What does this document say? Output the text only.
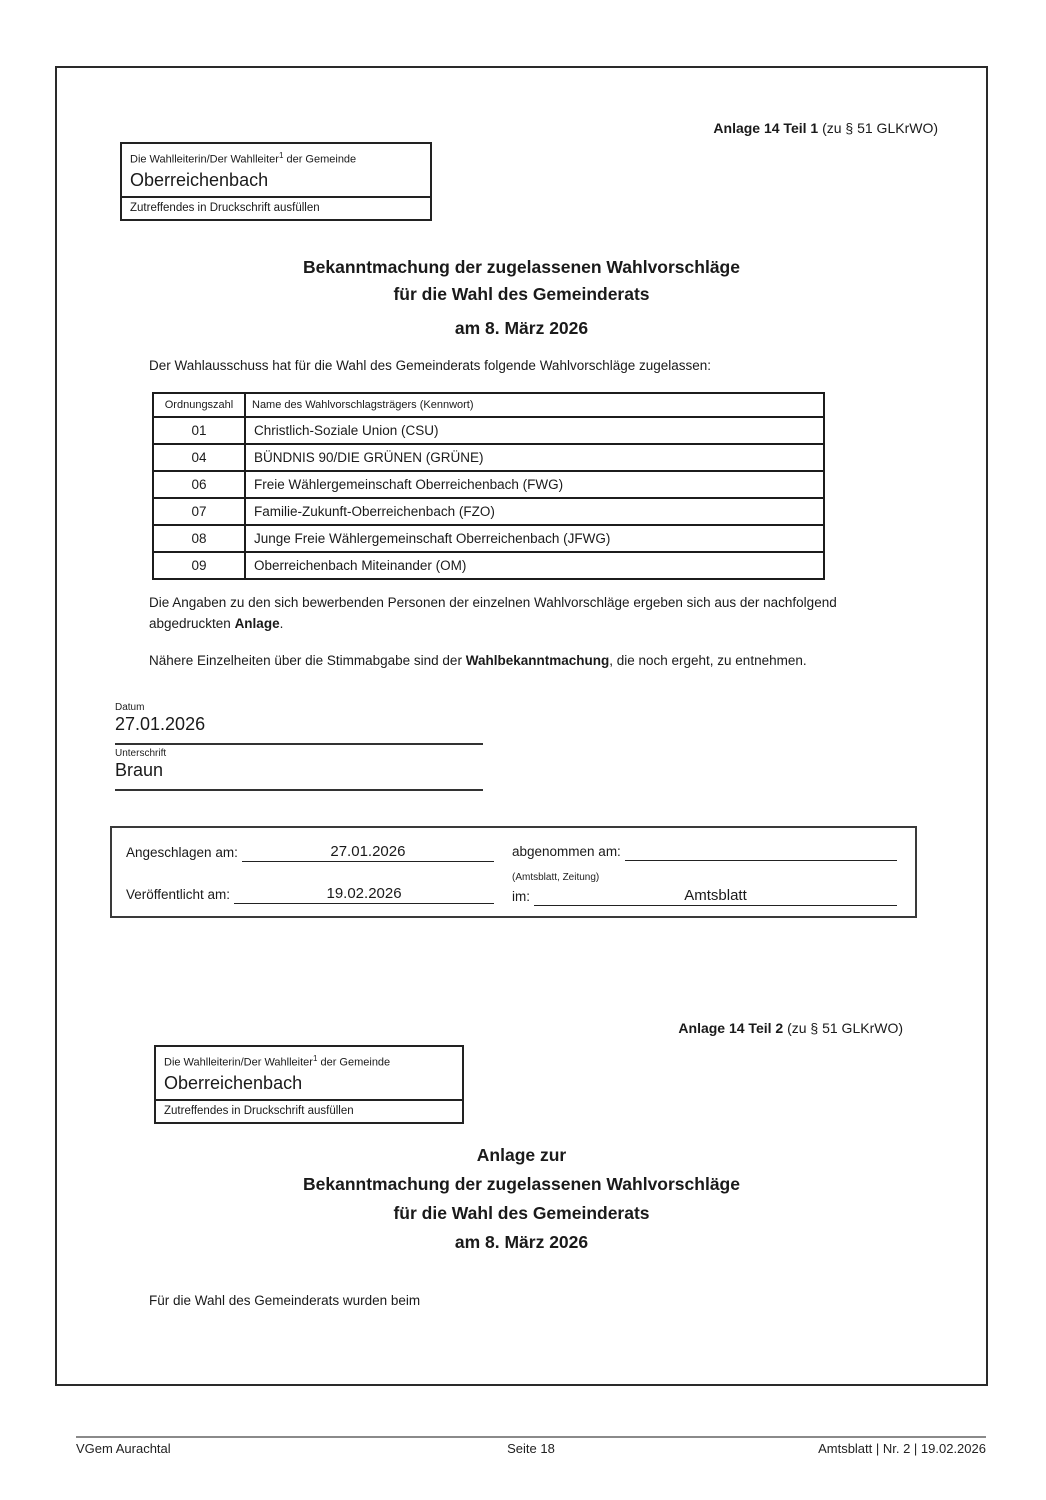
Anlage 14 Teil 1 (zu § 51 GLKrWO)
Die Wahlleiterin/Der Wahlleiter$^1$ der Gemeinde
Oberreichenbach
Zutreffendes in Druckschrift ausfüllen
Bekanntmachung der zugelassenen Wahlvorschläge
für die Wahl des Gemeinderats
am 8. März 2026
Der Wahlausschuss hat für die Wahl des Gemeinderats folgende Wahlvorschläge zugelassen:
Ordnungszahl	Name des Wahlvorschlagsträgers (Kennwort)
01	Christlich-Soziale Union (CSU)
04	BÜNDNIS 90/DIE GRÜNEN (GRÜNE)
06	Freie Wählergemeinschaft Oberreichenbach (FWG)
07	Familie-Zukunft-Oberreichenbach (FZO)
08	Junge Freie Wählergemeinschaft Oberreichenbach (JFWG)
09	Oberreichenbach Miteinander (OM)
Die Angaben zu den sich bewerbenden Personen der einzelnen Wahlvorschläge ergeben sich aus der nachfolgend abgedruckten Anlage.
Nähere Einzelheiten über die Stimmabgabe sind der Wahlbekanntmachung, die noch ergeht, zu entnehmen.
Datum
27.01.2026
Unterschrift
Braun
Angeschlagen am:	27.01.2026
Veröffentlicht am:	19.02.2026
abgenommen am:
(Amtsblatt, Zeitung)
im:	Amtsblatt
Anlage 14 Teil 2 (zu § 51 GLKrWO)
Die Wahlleiterin/Der Wahlleiter$^1$ der Gemeinde
Oberreichenbach
Zutreffendes in Druckschrift ausfüllen
Anlage zur
Bekanntmachung der zugelassenen Wahlvorschläge
für die Wahl des Gemeinderats
am 8. März 2026
Für die Wahl des Gemeinderats wurden beim
VGem Aurachtal	Seite 18	Amtsblatt | Nr. 2 | 19.02.2026
